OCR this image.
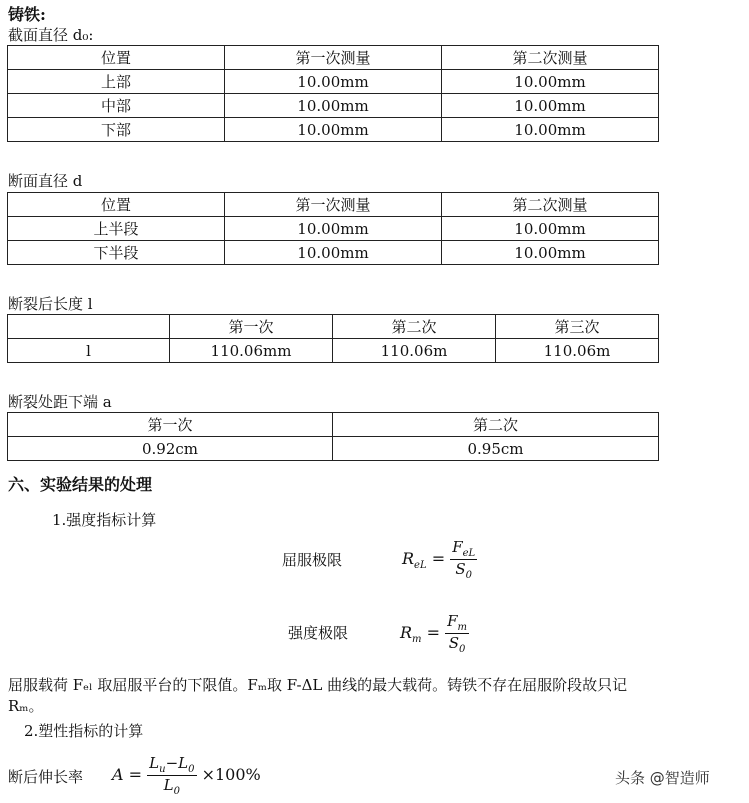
铸铁:
截面直径 d₀:
位置	第一次测量	第二次测量
上部	10.00mm	10.00mm
中部	10.00mm	10.00mm
下部	10.00mm	10.00mm
断面直径 d
位置	第一次测量	第二次测量
上半段	10.00mm	10.00mm
下半段	10.00mm	10.00mm
断裂后长度 l
	第一次	第二次	第三次
l	110.06mm	110.06m	110.06m
断裂处距下端 a
第一次	第二次
0.92cm	0.95cm
六、实验结果的处理
1.强度指标计算
屈服极限	$R_{eL} = \frac{F_{eL}}{S_0}$
强度极限	$R_m = \frac{F_m}{S_0}$
屈服载荷 Fₑₗ 取屈服平台的下限值。Fₘ取 F-ΔL 曲线的最大载荷。铸铁不存在屈服阶段故只记
Rₘ。
2.塑性指标的计算
断后伸长率 $A = \frac{L_u-L_0}{L_0} \times 100\%$	头条 @智造师
